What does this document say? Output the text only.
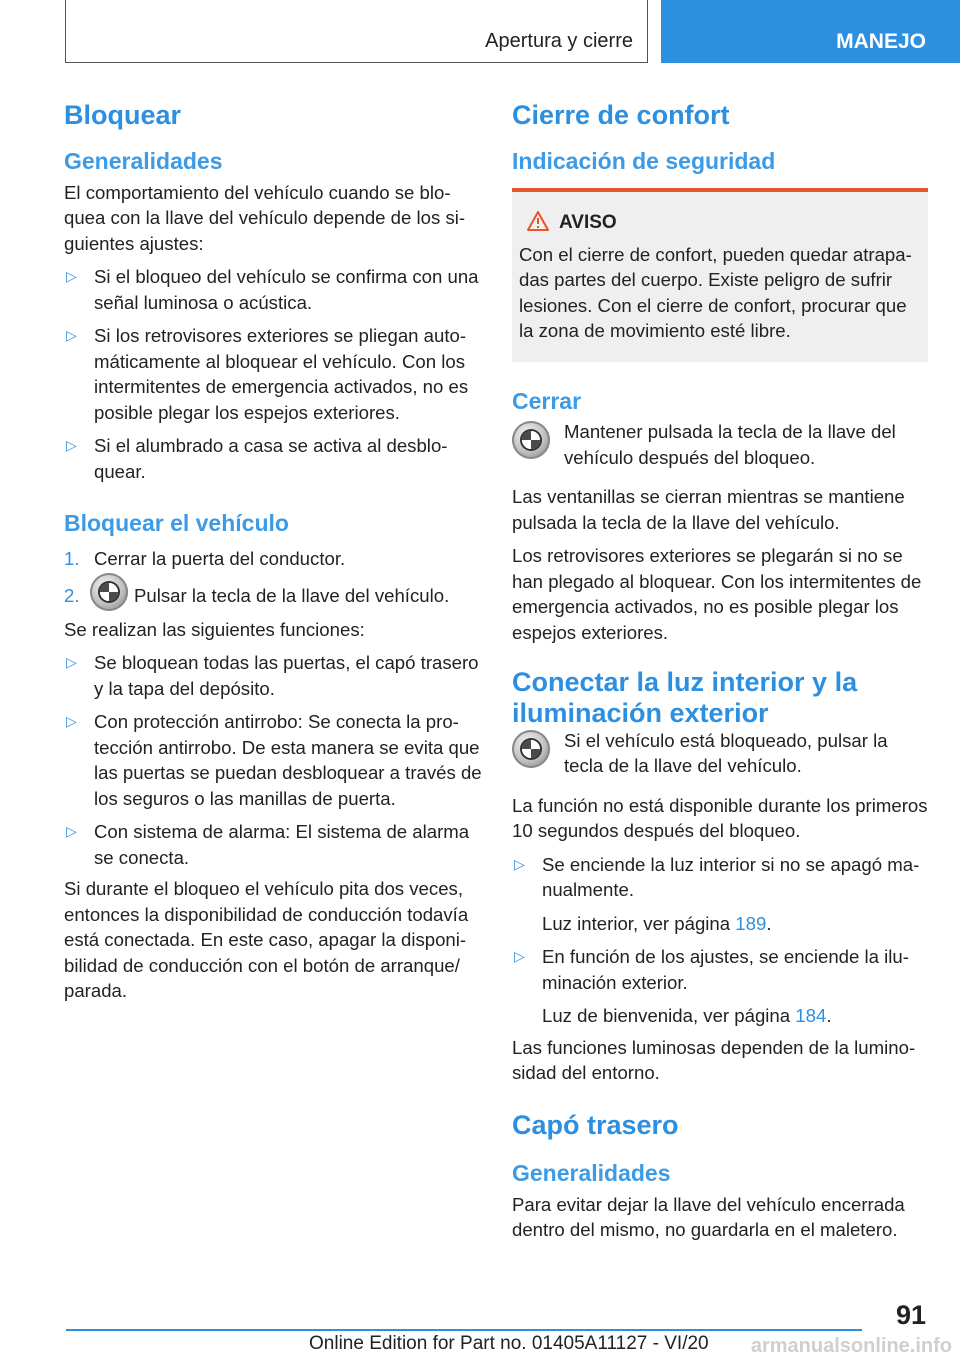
Apertura y cierre	MANEJO
Bloquear
Generalidades

El comportamiento del vehículo cuando se bloquea con la llave del vehículo depende de los siguientes ajustes:

▷ Si el bloqueo del vehículo se confirma con una señal luminosa o acústica.
▷ Si los retrovisores exteriores se pliegan automáticamente al bloquear el vehículo. Con los intermitentes de emergencia activados, no es posible plegar los espejos exteriores.
▷ Si el alumbrado a casa se activa al desbloquear.
Bloquear el vehículo
1. Cerrar la puerta del conductor.
2.	Pulsar la tecla de la llave del vehículo.

Se realizan las siguientes funciones:

▷ Se bloquean todas las puertas, el capó trasero y la tapa del depósito.
▷ Con protección antirrobo: Se conecta la protección antirrobo. De esta manera se evita que las puertas se puedan desbloquear a través de los seguros o las manillas de puerta.
▷ Con sistema de alarma: El sistema de alarma se conecta.

Si durante el bloqueo el vehículo pita dos veces, entonces la disponibilidad de conducción todavía está conectada. En este caso, apagar la disponibilidad de conducción con el botón de arranque/ parada.

Cierre de confort
Indicación de seguridad
AVISO

Con el cierre de confort, pueden quedar atrapadas partes del cuerpo. Existe peligro de sufrir lesiones. Con el cierre de confort, procurar que la zona de movimiento esté libre.

Cerrar

Mantener pulsada la tecla de la llave del vehículo después del bloqueo.

Las ventanillas se cierran mientras se mantiene pulsada la tecla de la llave del vehículo.

Los retrovisores exteriores se plegarán si no se han plegado al bloquear. Con los intermitentes de emergencia activados, no es posible plegar los espejos exteriores.

Conectar la luz interior y la iluminación exterior

Si el vehículo está bloqueado, pulsar la tecla de la llave del vehículo.

La función no está disponible durante los primeros 10 segundos después del bloqueo.

▷ Se enciende la luz interior si no se apagó manualmente.
Luz interior, ver página 189.
▷ En función de los ajustes, se enciende la iluminación exterior.
Luz de bienvenida, ver página 184.

Las funciones luminosas dependen de la luminosidad del entorno.

Capó trasero
Generalidades

Para evitar dejar la llave del vehículo encerrada dentro del mismo, no guardarla en el maletero.

91
Online Edition for Part no. 01405A11127 - VI/20 armanualsonline.info
